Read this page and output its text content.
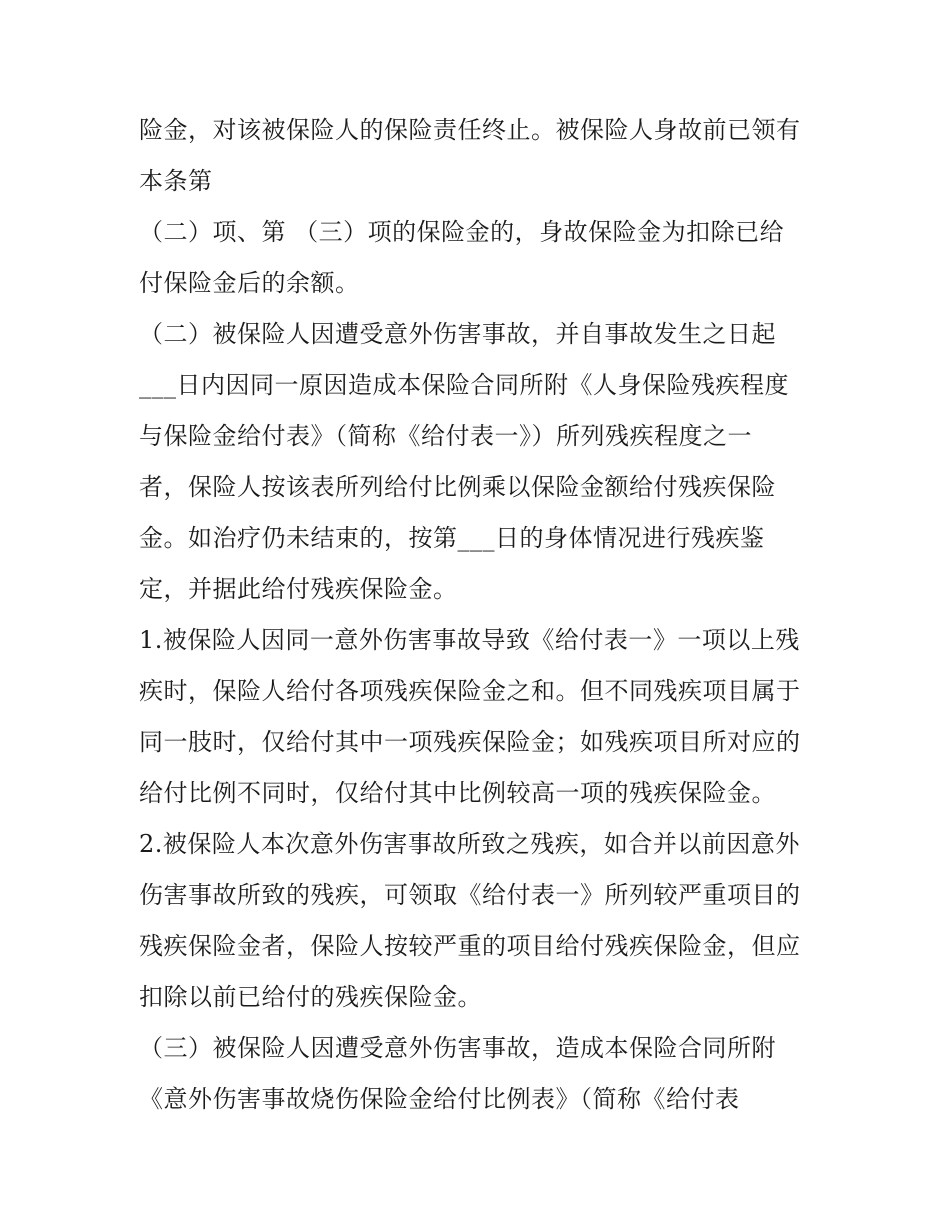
险金，对该被保险人的保险责任终止。被保险人身故前已领有
本条第
（二）项、第 （三）项的保险金的，身故保险金为扣除已给
付保险金后的余额。
（二）被保险人因遭受意外伤害事故，并自事故发生之日起
___日内因同一原因造成本保险合同所附《人身保险残疾程度
与保险金给付表》（简称《给付表一》）所列残疾程度之一
者，保险人按该表所列给付比例乘以保险金额给付残疾保险
金。如治疗仍未结束的，按第___日的身体情况进行残疾鉴
定，并据此给付残疾保险金。
1.被保险人因同一意外伤害事故导致《给付表一》一项以上残
疾时，保险人给付各项残疾保险金之和。但不同残疾项目属于
同一肢时，仅给付其中一项残疾保险金；如残疾项目所对应的
给付比例不同时，仅给付其中比例较高一项的残疾保险金。
2.被保险人本次意外伤害事故所致之残疾，如合并以前因意外
伤害事故所致的残疾，可领取《给付表一》所列较严重项目的
残疾保险金者，保险人按较严重的项目给付残疾保险金，但应
扣除以前已给付的残疾保险金。
（三）被保险人因遭受意外伤害事故，造成本保险合同所附
《意外伤害事故烧伤保险金给付比例表》（简称《给付表
